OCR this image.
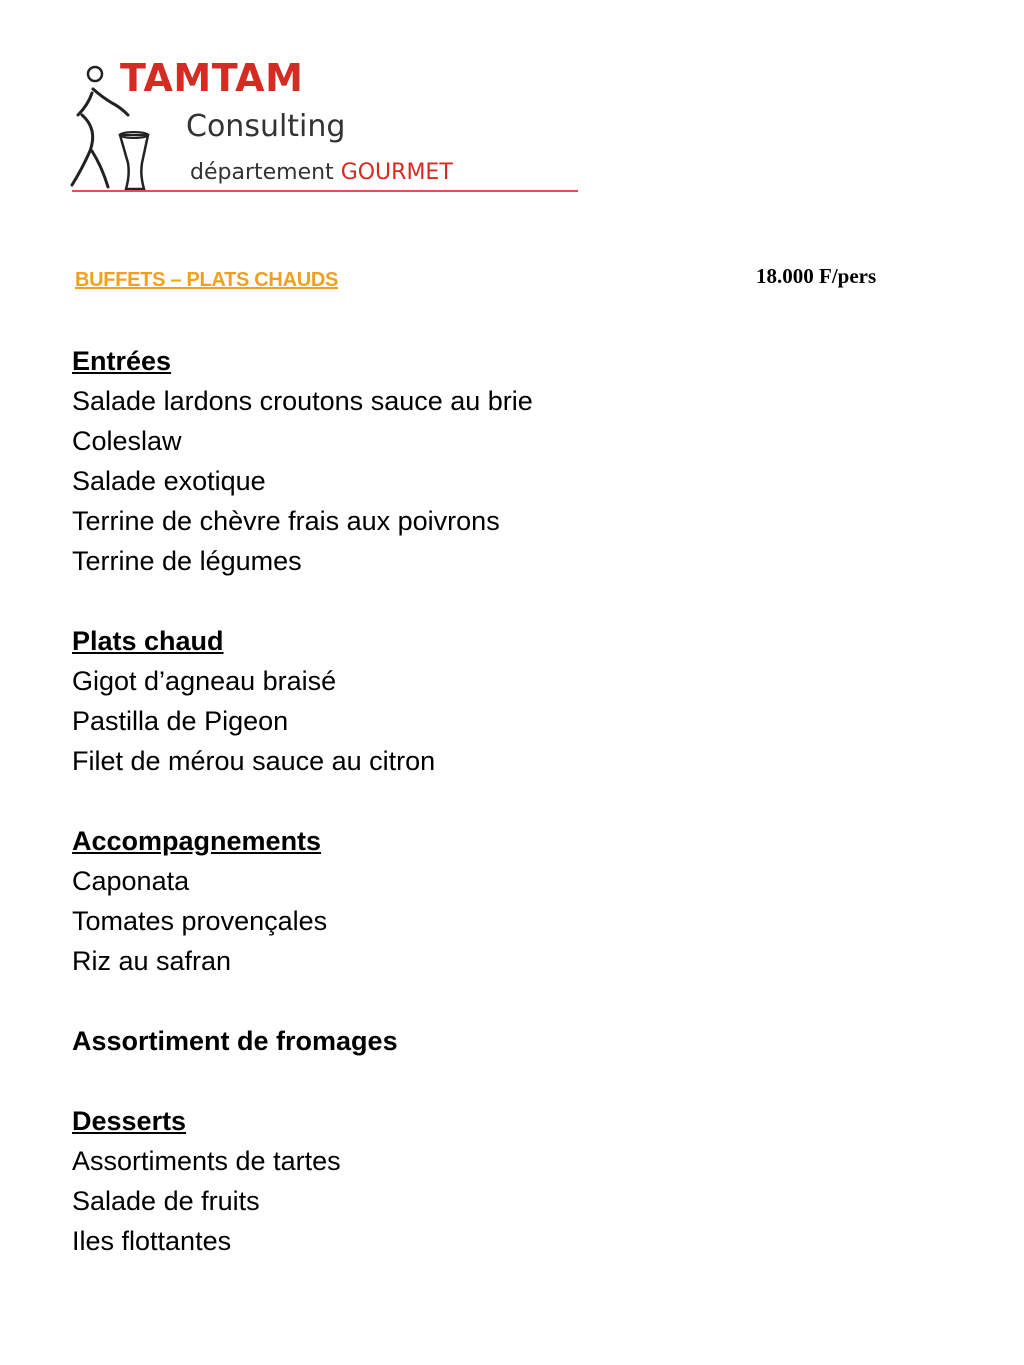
TAMTAM
Consulting
département GOURMET
BUFFETS – PLATS CHAUDS	18.000 F/pers
Entrées
Salade lardons croutons sauce au brie
Coleslaw
Salade exotique
Terrine de chèvre frais aux poivrons
Terrine de légumes
Plats chaud
Gigot d’agneau braisé
Pastilla de Pigeon
Filet de mérou sauce au citron
Accompagnements
Caponata
Tomates provençales
Riz au safran
Assortiment de fromages
Desserts
Assortiments de tartes
Salade de fruits
Iles flottantes
